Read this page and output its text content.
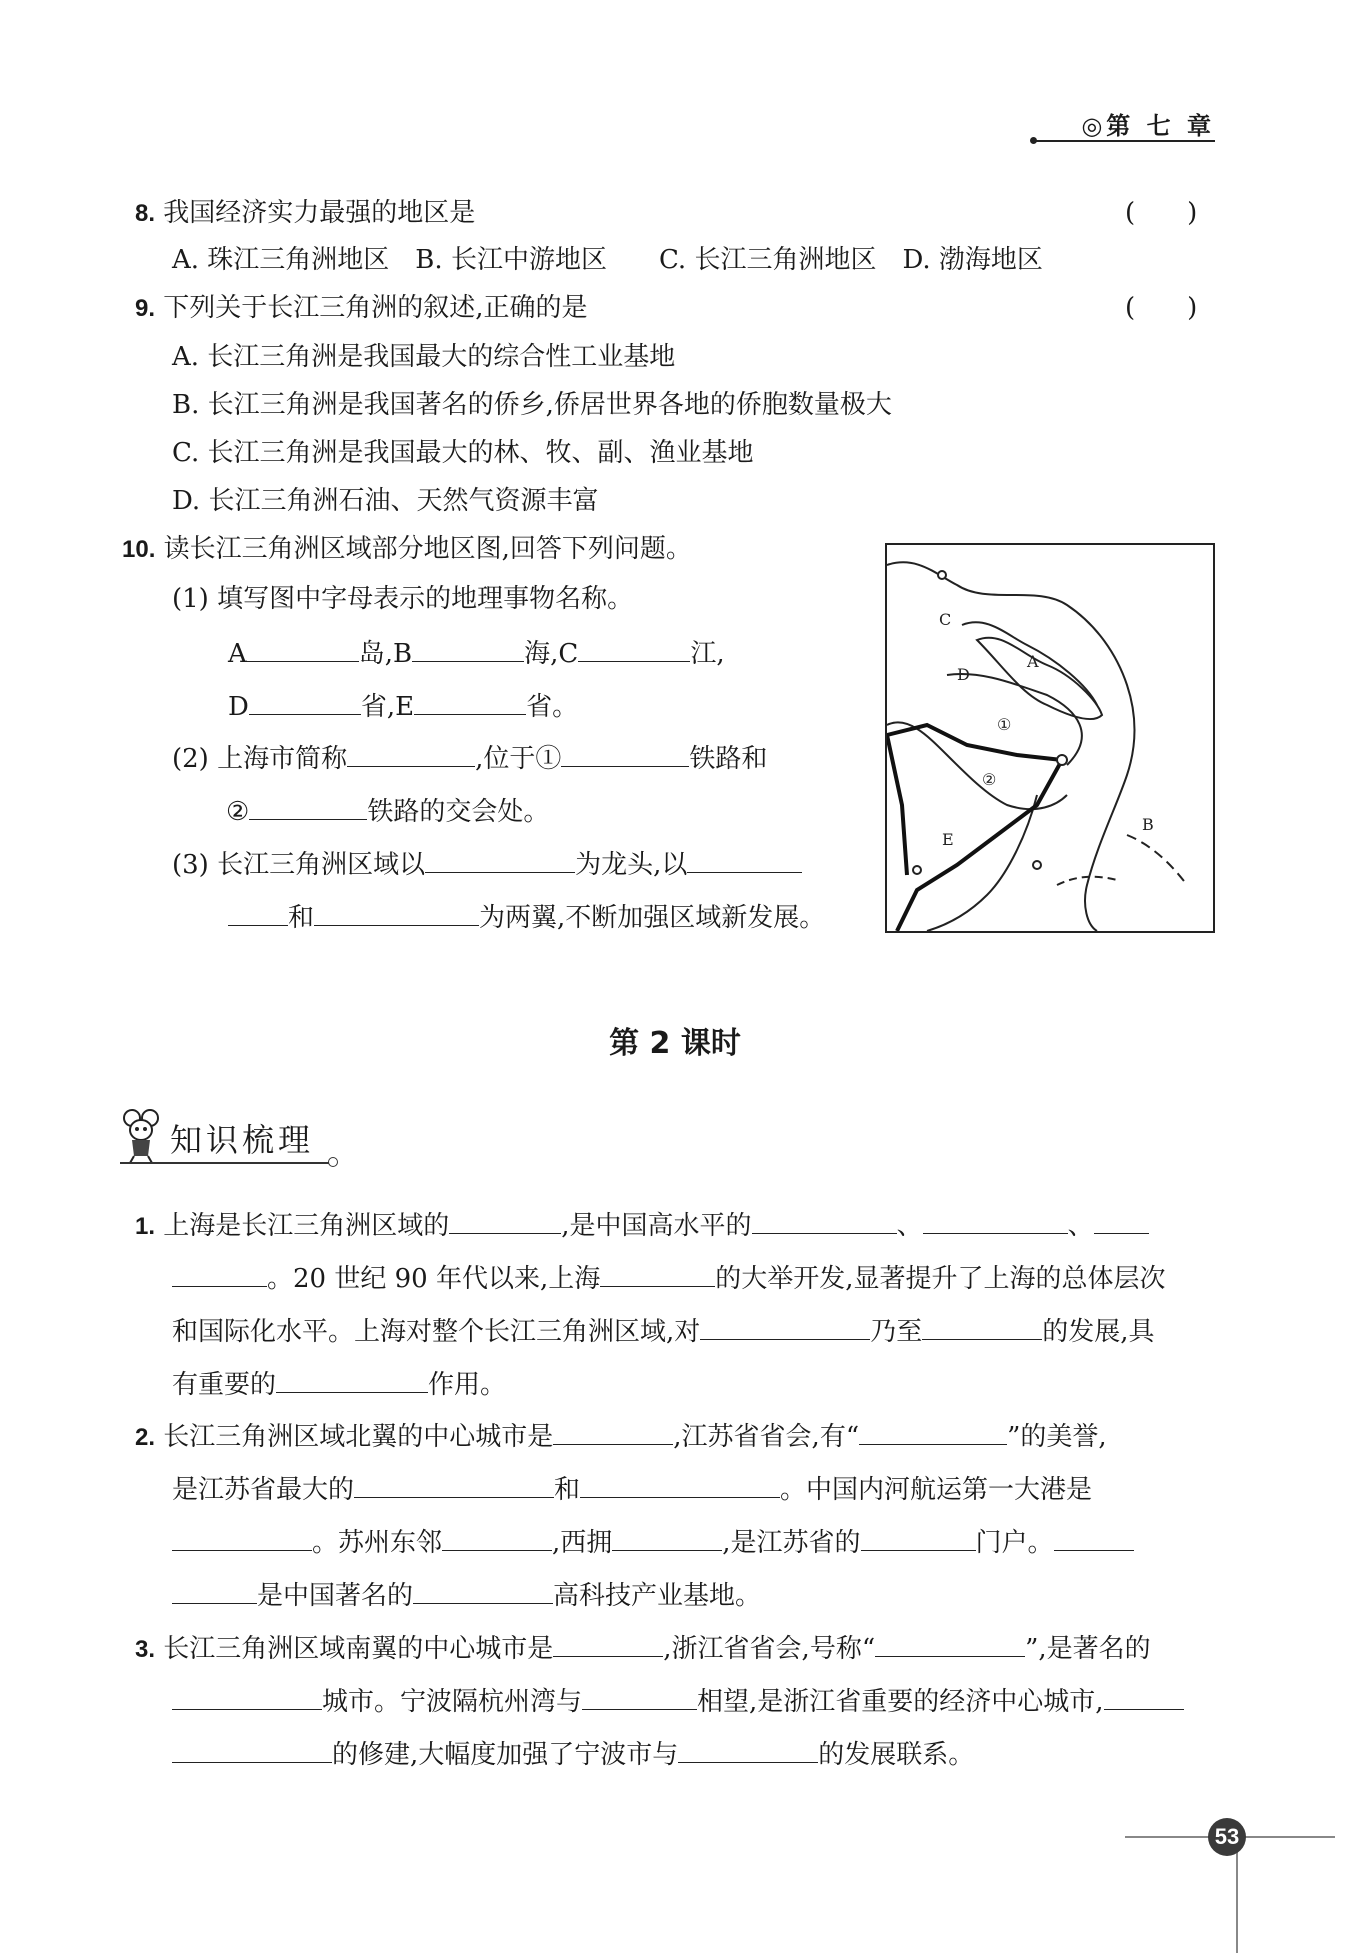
◎第 七 章
8. 我国经济实力最强的地区是	(　　)
A. 珠江三角洲地区　B. 长江中游地区　　C. 长江三角洲地区　D. 渤海地区
9. 下列关于长江三角洲的叙述,正确的是	(　　)
A. 长江三角洲是我国最大的综合性工业基地
B. 长江三角洲是我国著名的侨乡,侨居世界各地的侨胞数量极大
C. 长江三角洲是我国最大的林、牧、副、渔业基地
D. 长江三角洲石油、天然气资源丰富
10. 读长江三角洲区域部分地区图,回答下列问题。
(1) 填写图中字母表示的地理事物名称。
A	岛,B	海,C	江,
D	省,E	省。
(2) 上海市简称	,位于①	铁路和
②	铁路的交会处。
(3) 长江三角洲区域以	为龙头,以
和	为两翼,不断加强区域新发展。
C
A
D
①
②
E
B
第 2 课时
知识梳理
1. 上海是长江三角洲区域的	,是中国高水平的	、	、
。20 世纪 90 年代以来,上海	的大举开发,显著提升了上海的总体层次
和国际化水平。上海对整个长江三角洲区域,对	乃至	的发展,具
有重要的	作用。
2. 长江三角洲区域北翼的中心城市是	,江苏省省会,有“	”的美誉,
是江苏省最大的	和	。中国内河航运第一大港是
。苏州东邻	,西拥	,是江苏省的	门户。
是中国著名的	高科技产业基地。
3. 长江三角洲区域南翼的中心城市是	,浙江省省会,号称“	”,是著名的
城市。宁波隔杭州湾与	相望,是浙江省重要的经济中心城市,
的修建,大幅度加强了宁波市与	的发展联系。
53
